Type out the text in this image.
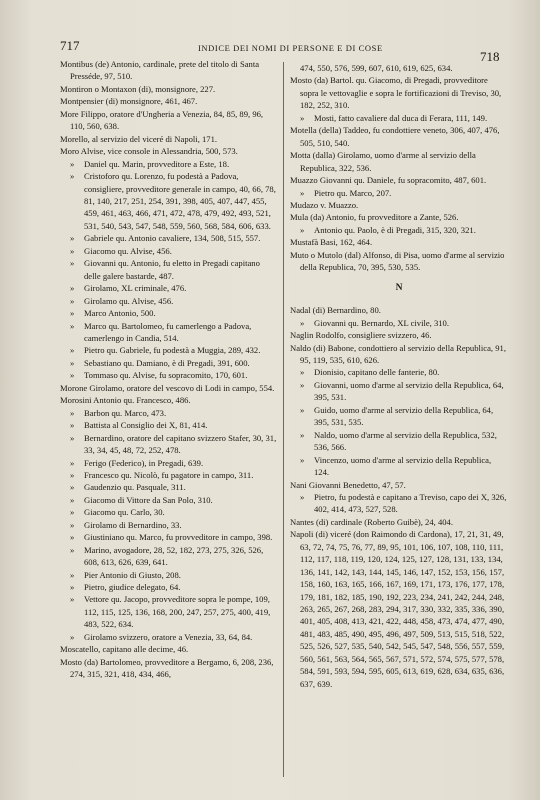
717	INDICE DEI NOMI DI PERSONE E DI COSE
718

Montibus (de) Antonio, cardinale, prete del titolo di Santa Presséde, 97, 510.

Montiron o Montaxon (di), monsignore, 227.

Montpensier (di) monsignore, 461, 467.

More Filippo, oratore d'Ungheria a Venezia, 84, 85, 89, 96, 110, 560, 638.

Morello, al servizio del viceré di Napoli, 171.

Moro Alvise, vice console in Alessandria, 500, 573.

» Daniel qu. Marin, provveditore a Este, 18.

» Cristoforo qu. Lorenzo, fu podestà a Padova, consigliere, provveditore generale in campo, 40, 66, 78, 81, 140, 217, 251, 254, 391, 398, 405, 407, 447, 455, 459, 461, 463, 466, 471, 472, 478, 479, 492, 493, 521, 531, 540, 543, 547, 548, 559, 560, 568, 584, 606, 633.

» Gabriele qu. Antonio cavaliere, 134, 508, 515, 557.

» Giacomo qu. Alvise, 456.

» Giovanni qu. Antonio, fu eletto in Pregadi capitano delle galere bastarde, 487.

» Girolamo, XL criminale, 476.

» Girolamo qu. Alvise, 456.

» Marco Antonio, 500.

» Marco qu. Bartolomeo, fu camerlengo a Padova, camerlengo in Candia, 514.

» Pietro qu. Gabriele, fu podestà a Muggia, 289, 432.

» Sebastiano qu. Damiano, è di Pregadi, 391, 600.

» Tommaso qu. Alvise, fu sopracomito, 170, 601.

Morone Girolamo, oratore del vescovo di Lodi in campo, 554.

Morosini Antonio qu. Francesco, 486.

» Barbon qu. Marco, 473.

» Battista al Consiglio dei X, 81, 414.

» Bernardino, oratore del capitano svizzero Stafer, 30, 31, 33, 34, 45, 48, 72, 252, 478.

» Ferigo (Federico), in Pregadi, 639.

» Francesco qu. Nicolò, fu pagatore in campo, 311.

» Gaudenzio qu. Pasquale, 311.

» Giacomo di Vittore da San Polo, 310.

» Giacomo qu. Carlo, 30.

» Girolamo di Bernardino, 33.

» Giustiniano qu. Marco, fu provveditore in campo, 398.

» Marino, avogadore, 28, 52, 182, 273, 275, 326, 526, 608, 613, 626, 639, 641.

» Pier Antonio di Giusto, 208.

» Pietro, giudice delegato, 64.

» Vettore qu. Jacopo, provveditore sopra le pompe, 109, 112, 115, 125, 136, 168, 200, 247, 257, 275, 400, 419, 483, 522, 634.

» Girolamo svizzero, oratore a Venezia, 33, 64, 84.

Moscatello, capitano alle decime, 46.

Mosto (da) Bartolomeo, provveditore a Bergamo, 6, 208, 236, 274, 315, 321, 418, 434, 466,

474, 550, 576, 599, 607, 610, 619, 625, 634.

Mosto (da) Bartol. qu. Giacomo, di Pregadi, provveditore sopra le vettovaglie e sopra le fortificazioni di Treviso, 30, 182, 252, 310.

» Mosti, fatto cavaliere dal duca di Ferara, 111, 149.

Motella (della) Taddeo, fu condottiere veneto, 306, 407, 476, 505, 510, 540.

Motta (dalla) Girolamo, uomo d'arme al servizio della Republica, 322, 536.

Muazzo Giovanni qu. Daniele, fu sopracomito, 487, 601.

» Pietro qu. Marco, 207.

Mudazo v. Muazzo.

Mula (da) Antonio, fu provveditore a Zante, 526.

» Antonio qu. Paolo, è di Pregadi, 315, 320, 321.

Mustafà Basi, 162, 464.

Muto o Mutolo (dal) Alfonso, di Pisa, uomo d'arme al servizio della Republica, 70, 395, 530, 535.

N

Nadal (di) Bernardino, 80.

» Giovanni qu. Bernardo, XL civile, 310.

Naglin Rodolfo, consigliere svizzero, 46.

Naldo (di) Babone, condottiero al servizio della Republica, 91, 95, 119, 535, 610, 626.

» Dionisio, capitano delle fanterie, 80.

» Giovanni, uomo d'arme al servizio della Republica, 64, 395, 531.

» Guido, uomo d'arme al servizio della Republica, 64, 395, 531, 535.

» Naldo, uomo d'arme al servizio della Republica, 532, 536, 566.

» Vincenzo, uomo d'arme al servizio della Republica, 124.

Nani Giovanni Benedetto, 47, 57.

» Pietro, fu podestà e capitano a Treviso, capo dei X, 326, 402, 414, 473, 527, 528.

Nantes (di) cardinale (Roberto Guibè), 24, 404.

Napoli (di) viceré (don Raimondo di Cardona), 17, 21, 31, 49, 63, 72, 74, 75, 76, 77, 89, 95, 101, 106, 107, 108, 110, 111, 112, 117, 118, 119, 120, 124, 125, 127, 128, 131, 133, 134, 136, 141, 142, 143, 144, 145, 146, 147, 152, 153, 156, 157, 158, 160, 163, 165, 166, 167, 169, 171, 173, 176, 177, 178, 179, 181, 182, 185, 190, 192, 223, 234, 241, 242, 244, 248, 263, 265, 267, 268, 283, 294, 317, 330, 332, 335, 336, 390, 401, 405, 408, 413, 421, 422, 448, 458, 473, 474, 477, 490, 481, 483, 485, 490, 495, 496, 497, 509, 513, 515, 518, 522, 525, 526, 527, 535, 540, 542, 545, 547, 548, 556, 557, 559, 560, 561, 563, 564, 565, 567, 571, 572, 574, 575, 577, 578, 584, 591, 593, 594, 595, 605, 613, 619, 628, 634, 635, 636, 637, 639.
